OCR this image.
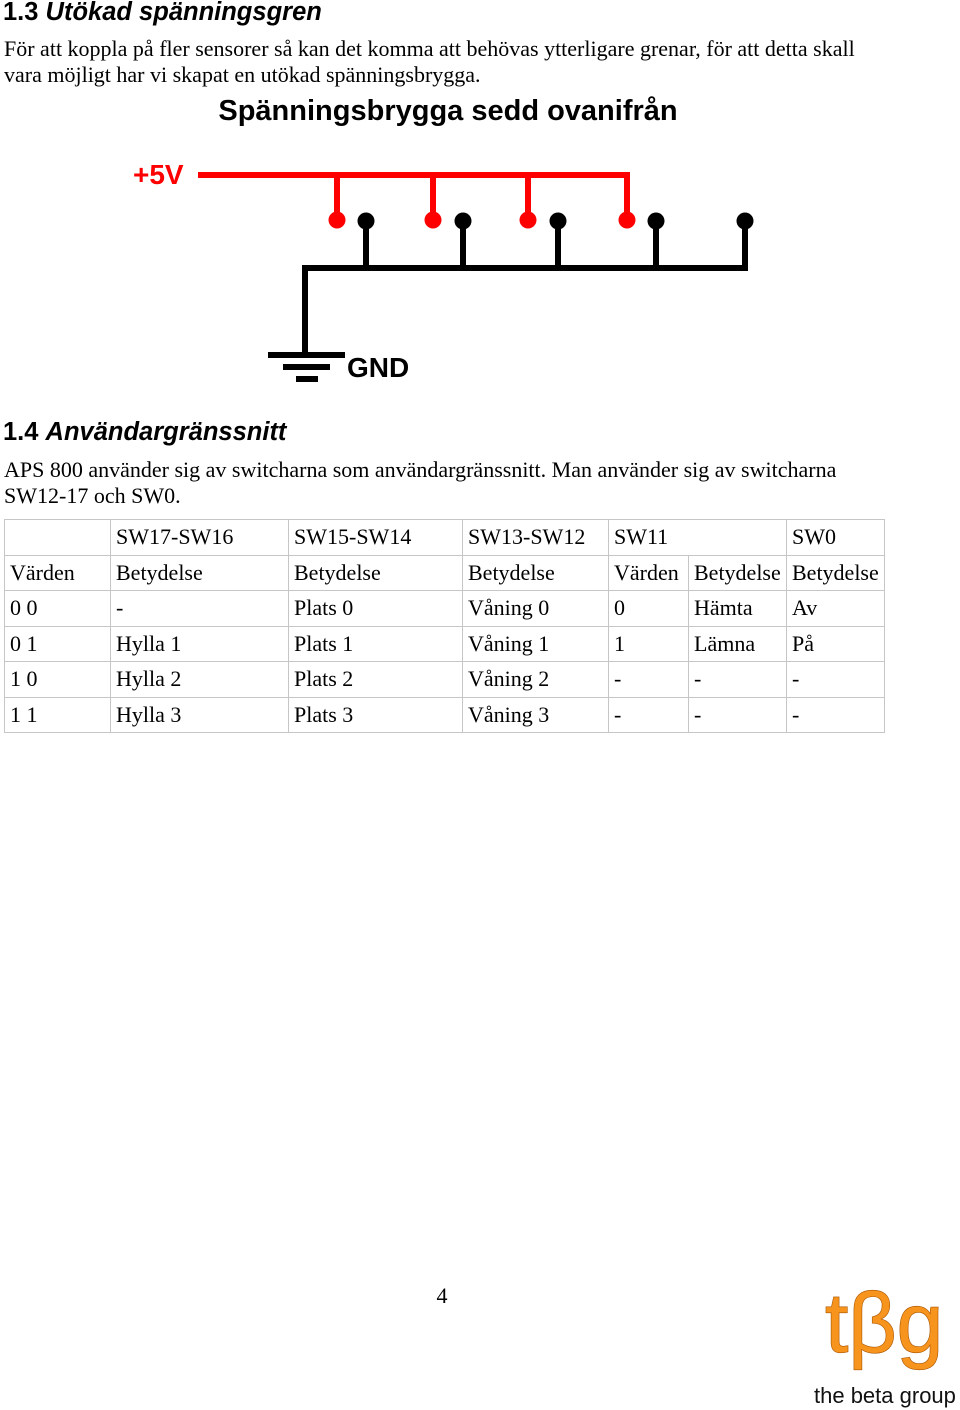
1.3 Utökad spänningsgren

För att koppla på fler sensorer så kan det komma att behövas ytterligare grenar, för att detta skall
vara möjligt har vi skapat en utökad spänningsbrygga.

Spänningsbrygga sedd ovanifrån
+5V
GND
1.4 Användargränssnitt

APS 800 använder sig av switcharna som användargränssnitt. Man använder sig av switcharna
SW12-17 och SW0.

	SW17-SW16	SW15-SW14	SW13-SW12	SW11		SW0
Värden	Betydelse	Betydelse	Betydelse	Värden	Betydelse	Betydelse
0 0	-	Plats 0	Våning 0	0	Hämta	Av
0 1	Hylla 1	Plats 1	Våning 1	1	Lämna	På
1 0	Hylla 2	Plats 2	Våning 2	-	-	-
1 1	Hylla 3	Plats 3	Våning 3	-	-	-
4	tβg
the beta group
